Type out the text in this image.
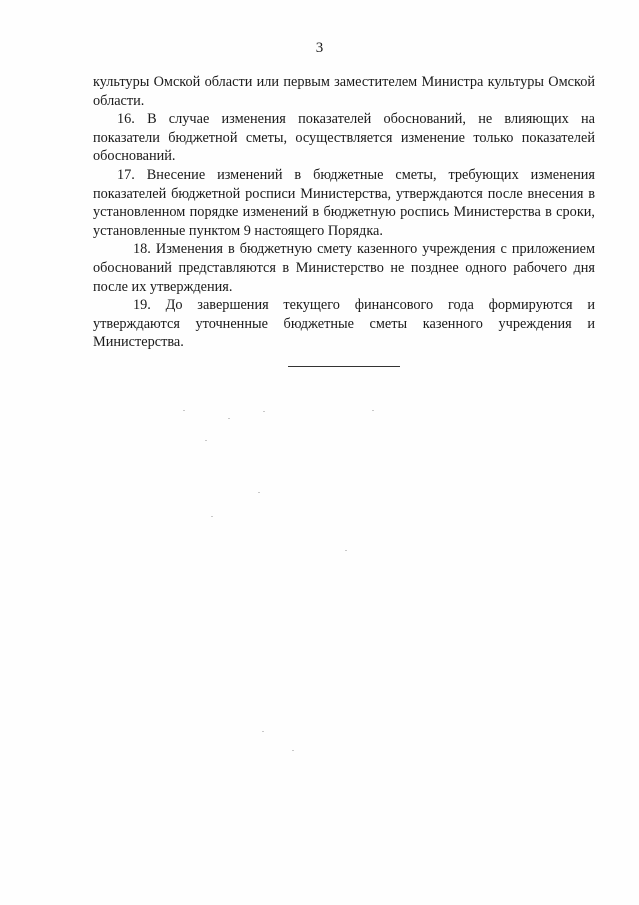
3

культуры Омской области или первым заместителем Министра культуры Омской области.

16. В случае изменения показателей обоснований, не влияющих на показатели бюджетной сметы, осуществляется изменение только показателей обоснований.

17. Внесение изменений в бюджетные сметы, требующих изменения показателей бюджетной росписи Министерства, утверждаются после внесения в установленном порядке изменений в бюджетную роспись Министерства в сроки, установленные пунктом 9 настоящего Порядка.

18. Изменения в бюджетную смету казенного учреждения с приложением обоснований представляются в Министерство не позднее одного рабочего дня после их утверждения.

19. До завершения текущего финансового года формируются и утверждаются уточненные бюджетные сметы казенного учреждения и Министерства.
